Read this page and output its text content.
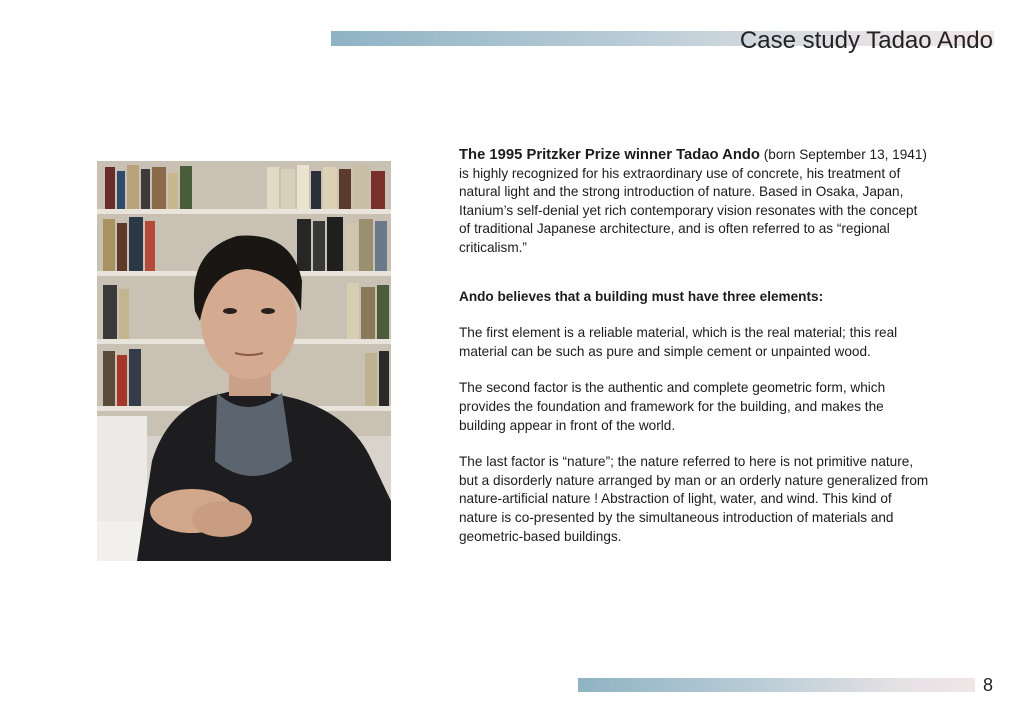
Case study Tadao Ando

The 1995 Pritzker Prize winner Tadao Ando (born September 13, 1941) is highly recognized for his extraordinary use of concrete, his treatment of natural light and the strong introduction of nature. Based in Osaka, Japan, Itanium’s self-denial yet rich contemporary vision resonates with the concept of traditional Japanese architecture, and is often referred to as “regional criticalism.”

Ando believes that a building must have three elements:

The first element is a reliable material, which is the real material; this real material can be such as pure and simple cement or unpainted wood.

The second factor is the authentic and complete geometric form, which provides the foundation and framework for the building, and makes the building appear in front of the world.

The last factor is “nature”; the nature referred to here is not primitive nature, but a disorderly nature arranged by man or an orderly nature generalized from nature-artificial nature ! Abstraction of light, water, and wind. This kind of nature is co-presented by the simultaneous introduction of materials and geometric-based buildings.

8
